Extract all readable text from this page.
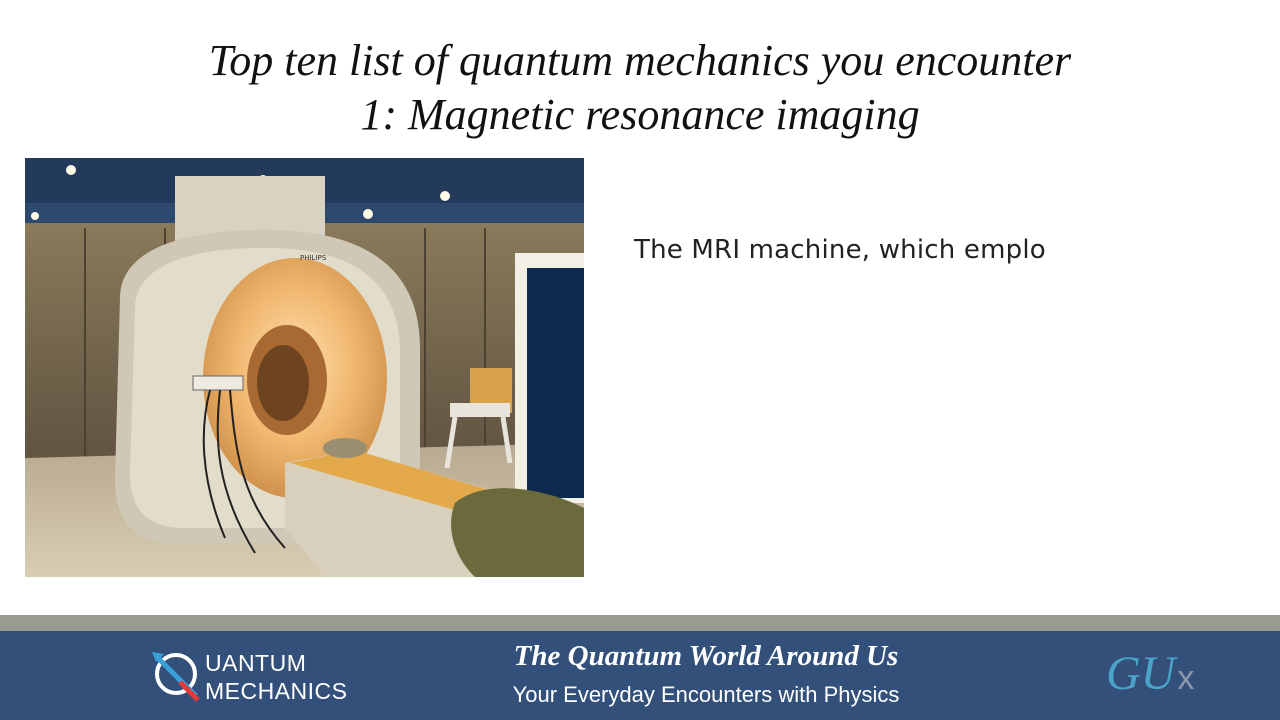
Top ten list of quantum mechanics you encounter
1: Magnetic resonance imaging
PHILIPS	The MRI machine, which emplo
UANTUM
MECHANICS
The Quantum World Around Us
Your Everyday Encounters with Physics	GUx
